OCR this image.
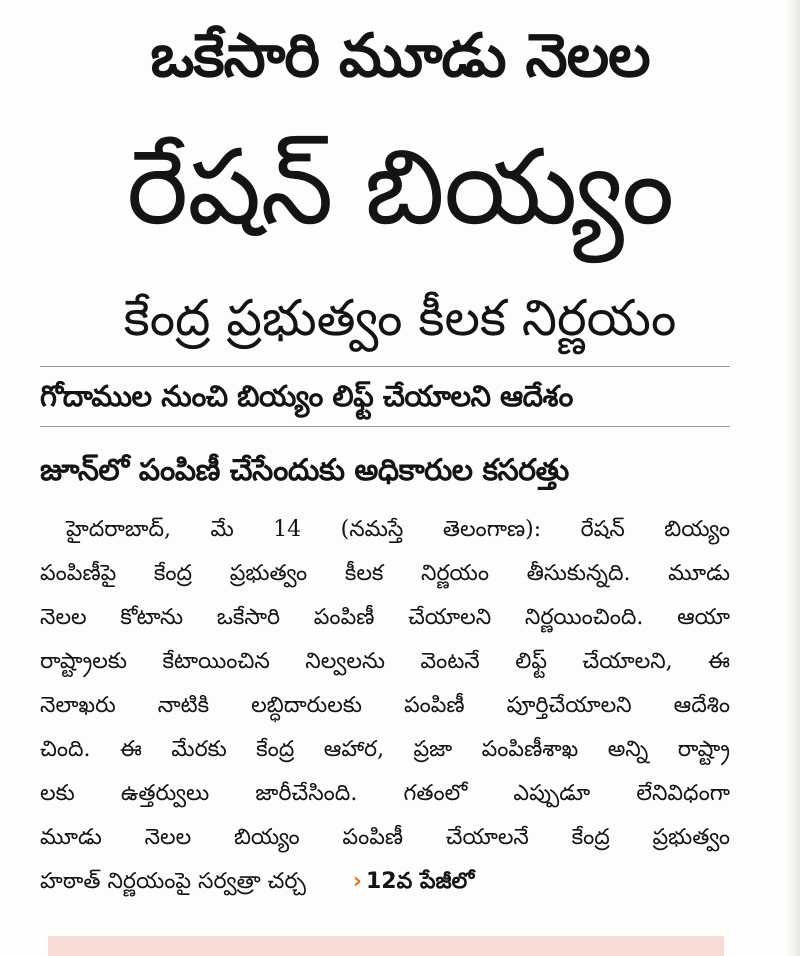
ఒకేసారి మూడు నెలల
రేషన్ బియ్యం
కేంద్ర ప్రభుత్వం కీలక నిర్ణయం
గోదాముల నుంచి బియ్యం లిఫ్ట్ చేయాలని ఆదేశం
జూన్‌లో పంపిణీ చేసేందుకు అధికారుల కసరత్తు
హైదరాబాద్, మే 14 (నమస్తే తెలంగాణ): రేషన్ బియ్యం
పంపిణీపై కేంద్ర ప్రభుత్వం కీలక నిర్ణయం తీసుకున్నది. మూడు
నెలల కోటాను ఒకేసారి పంపిణీ చేయాలని నిర్ణయించింది. ఆయా
రాష్ట్రాలకు కేటాయించిన నిల్వలను వెంటనే లిఫ్ట్ చేయాలని, ఈ
నెలాఖరు నాటికి లబ్ధిదారులకు పంపిణీ పూర్తిచేయాలని ఆదేశిం
చింది. ఈ మేరకు కేంద్ర ఆహార, ప్రజా పంపిణీశాఖ అన్ని రాష్ట్రా
లకు ఉత్తర్వులు జారీచేసింది. గతంలో ఎప్పుడూ లేనివిధంగా
మూడు నెలల బియ్యం పంపిణీ చేయాలనే కేంద్ర ప్రభుత్వం
హఠాత్ నిర్ణయంపై సర్వత్రా చర్చ › 12వ పేజీలో
